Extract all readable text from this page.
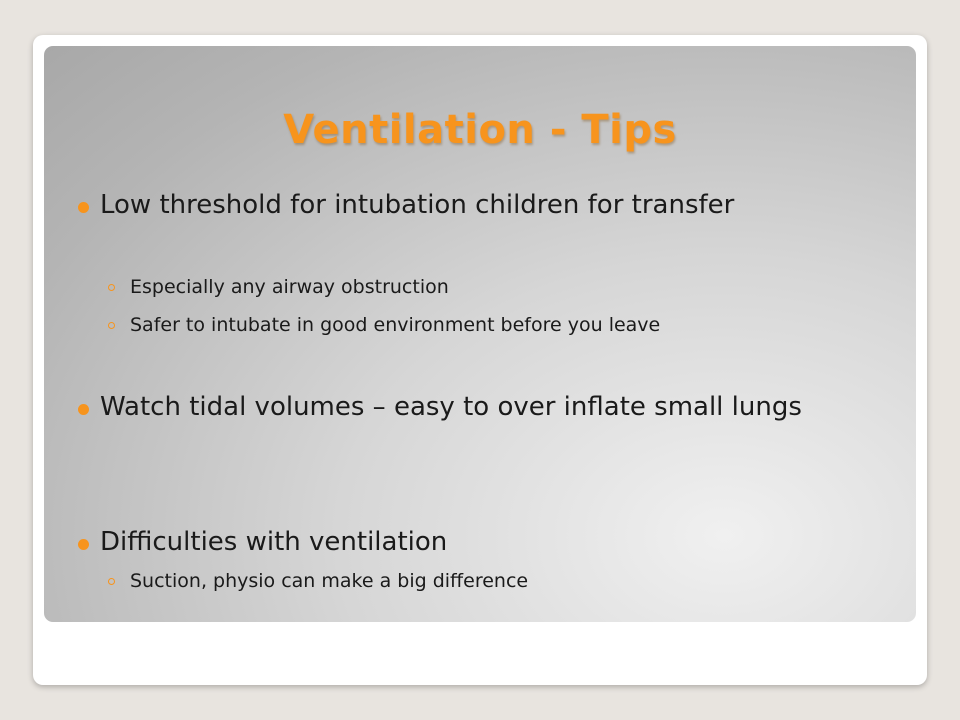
Ventilation - Tips
Low threshold for intubation children for transfer
Especially any airway obstruction
Safer to intubate in good environment before you leave
Watch tidal volumes – easy to over inflate small lungs
Difficulties with ventilation
Suction, physio can make a big difference
